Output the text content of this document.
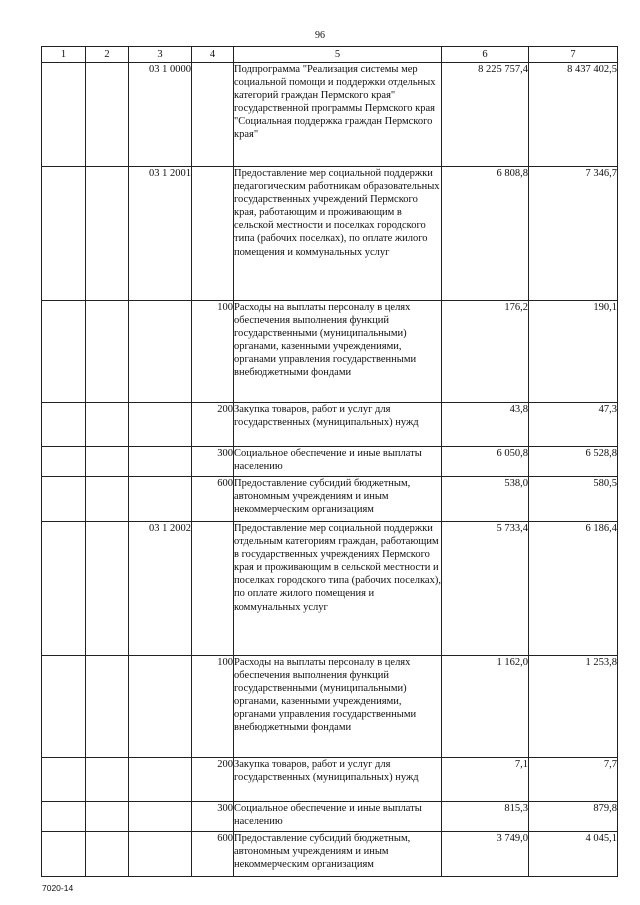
96
1	2	3	4	5	6	7
		03 1 0000		Подпрограмма "Реализация системы мер социальной помощи и поддержки отдельных категорий граждан Пермского края" государственной программы Пермского края "Социальная поддержка граждан Пермского края"	8 225 757,4	8 437 402,5
		03 1 2001		Предоставление мер социальной поддержки педагогическим работникам образовательных государственных учреждений Пермского края, работающим и проживающим в сельской местности и поселках городского типа (рабочих поселках), по оплате жилого помещения и коммунальных услуг	6 808,8	7 346,7
			100	Расходы на выплаты персоналу в целях обеспечения выполнения функций государственными (муниципальными) органами, казенными учреждениями, органами управления государственными внебюджетными фондами	176,2	190,1
			200	Закупка товаров, работ и услуг для государственных (муниципальных) нужд	43,8	47,3
			300	Социальное обеспечение и иные выплаты населению	6 050,8	6 528,8
			600	Предоставление субсидий бюджетным, автономным учреждениям и иным некоммерческим организациям	538,0	580,5
		03 1 2002		Предоставление мер социальной поддержки отдельным категориям граждан, работающим в государственных учреждениях Пермского края и проживающим в сельской местности и поселках городского типа (рабочих поселках), по оплате жилого помещения и коммунальных услуг	5 733,4	6 186,4
			100	Расходы на выплаты персоналу в целях обеспечения выполнения функций государственными (муниципальными) органами, казенными учреждениями, органами управления государственными внебюджетными фондами	1 162,0	1 253,8
			200	Закупка товаров, работ и услуг для государственных (муниципальных) нужд	7,1	7,7
			300	Социальное обеспечение и иные выплаты населению	815,3	879,8
			600	Предоставление субсидий бюджетным, автономным учреждениям и иным некоммерческим организациям	3 749,0	4 045,1
7020-14
